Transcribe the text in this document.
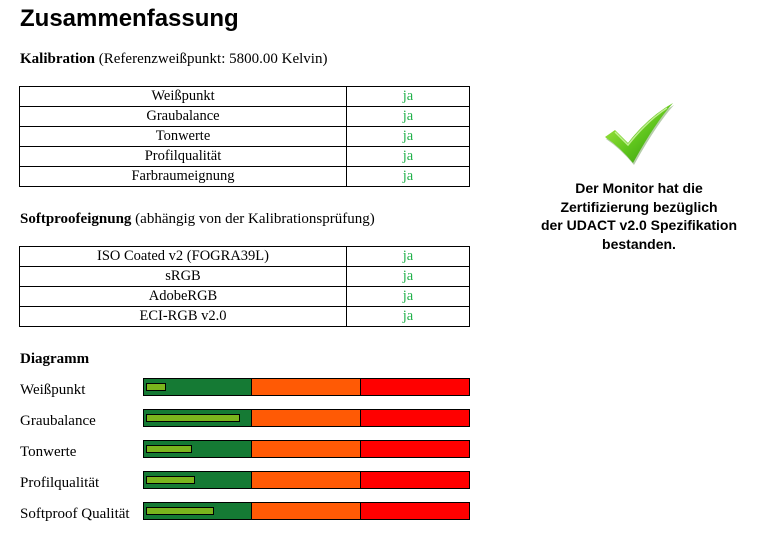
Zusammenfassung
Kalibration (Referenzweißpunkt: 5800.00 Kelvin)
Weißpunkt	ja
Graubalance	ja
Tonwerte	ja
Profilqualität	ja
Farbraumeignung	ja
Softproofeignung (abhängig von der Kalibrationsprüfung)
ISO Coated v2 (FOGRA39L)	ja
sRGB	ja
AdobeRGB	ja
ECI-RGB v2.0	ja
Diagramm
Weißpunkt
Graubalance
Tonwerte
Profilqualität
Softproof Qualität
Der Monitor hat die
Zertifizierung bezüglich
der UDACT v2.0 Spezifikation
bestanden.
